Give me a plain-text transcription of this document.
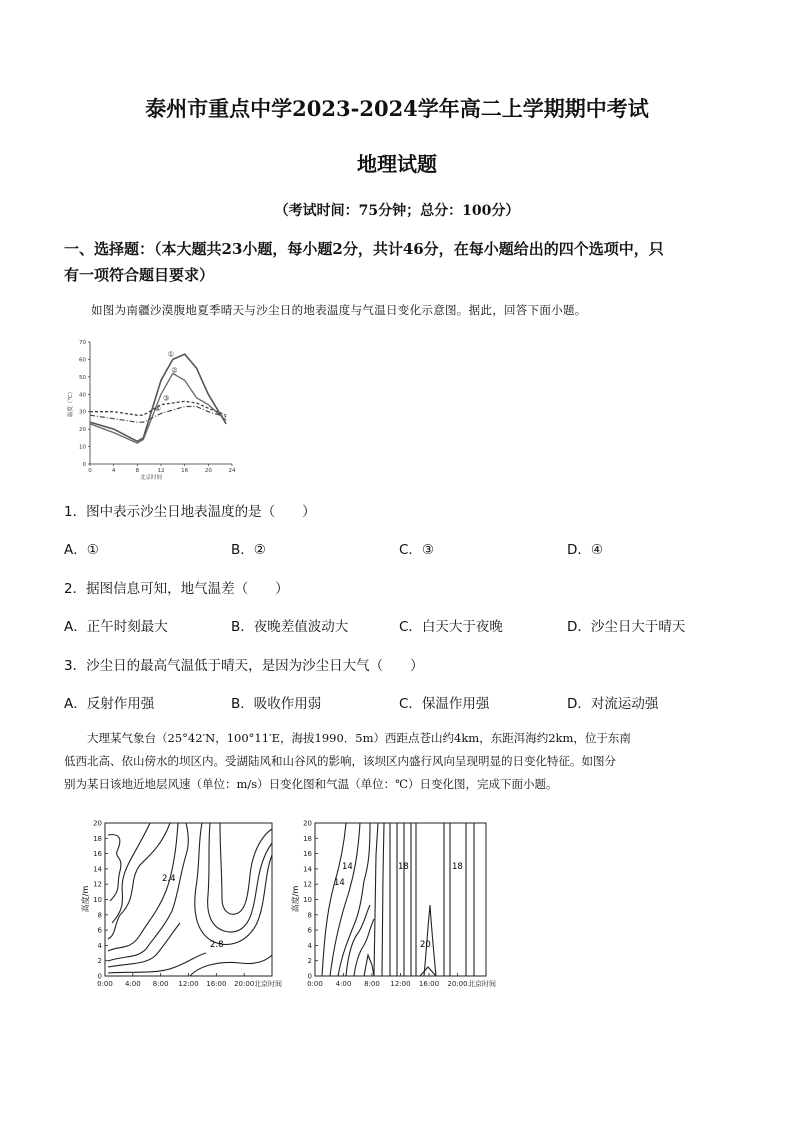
泰州市重点中学2023-2024学年高二上学期期中考试
地理试题
（考试时间：75分钟；总分：100分）
一、选择题：（本大题共23小题，每小题2分，共计46分，在每小题给出的四个选项中，只
有一项符合题目要求）
如图为南疆沙漠腹地夏季晴天与沙尘日的地表温度与气温日变化示意图。据此，回答下面小题。
70
60
50
40
30
20
10
0
0	4	8	12	16	20	24
北京时间
温度（℃）
①
②
③
④
1．图中表示沙尘日地表温度的是（　　）
A．①	B．②	C．③	D．④
2．据图信息可知，地气温差（　　）
A．正午时刻最大	B．夜晚差值波动大	C．白天大于夜晚	D．沙尘日大于晴天
3．沙尘日的最高气温低于晴天，是因为沙尘日大气（　　）
A．反射作用强	B．吸收作用弱	C．保温作用强	D．对流运动强
大理某气象台（25°42′N，100°11′E，海拔1990．5m）西距点苍山约4km，东距洱海约2km，位于东南
低西北高、依山傍水的坝区内。受湖陆风和山谷风的影响，该坝区内盛行风向呈现明显的日变化特征。如图分
别为某日该地近地层风速（单位：m/s）日变化图和气温（单位：℃）日变化图，完成下面小题。
20
18
16
14
12
10
8
6
4
2
0
0:00 4:00 8:00 12:00 16:00 20:00 北京时间
2.4
2.8
高度/m
20
18
16
14
12
10
8
6
4
2
0
0:00 4:00 8:00 12:00 16:00 20:00 北京时间
14
14	18	18
20
高度/m
